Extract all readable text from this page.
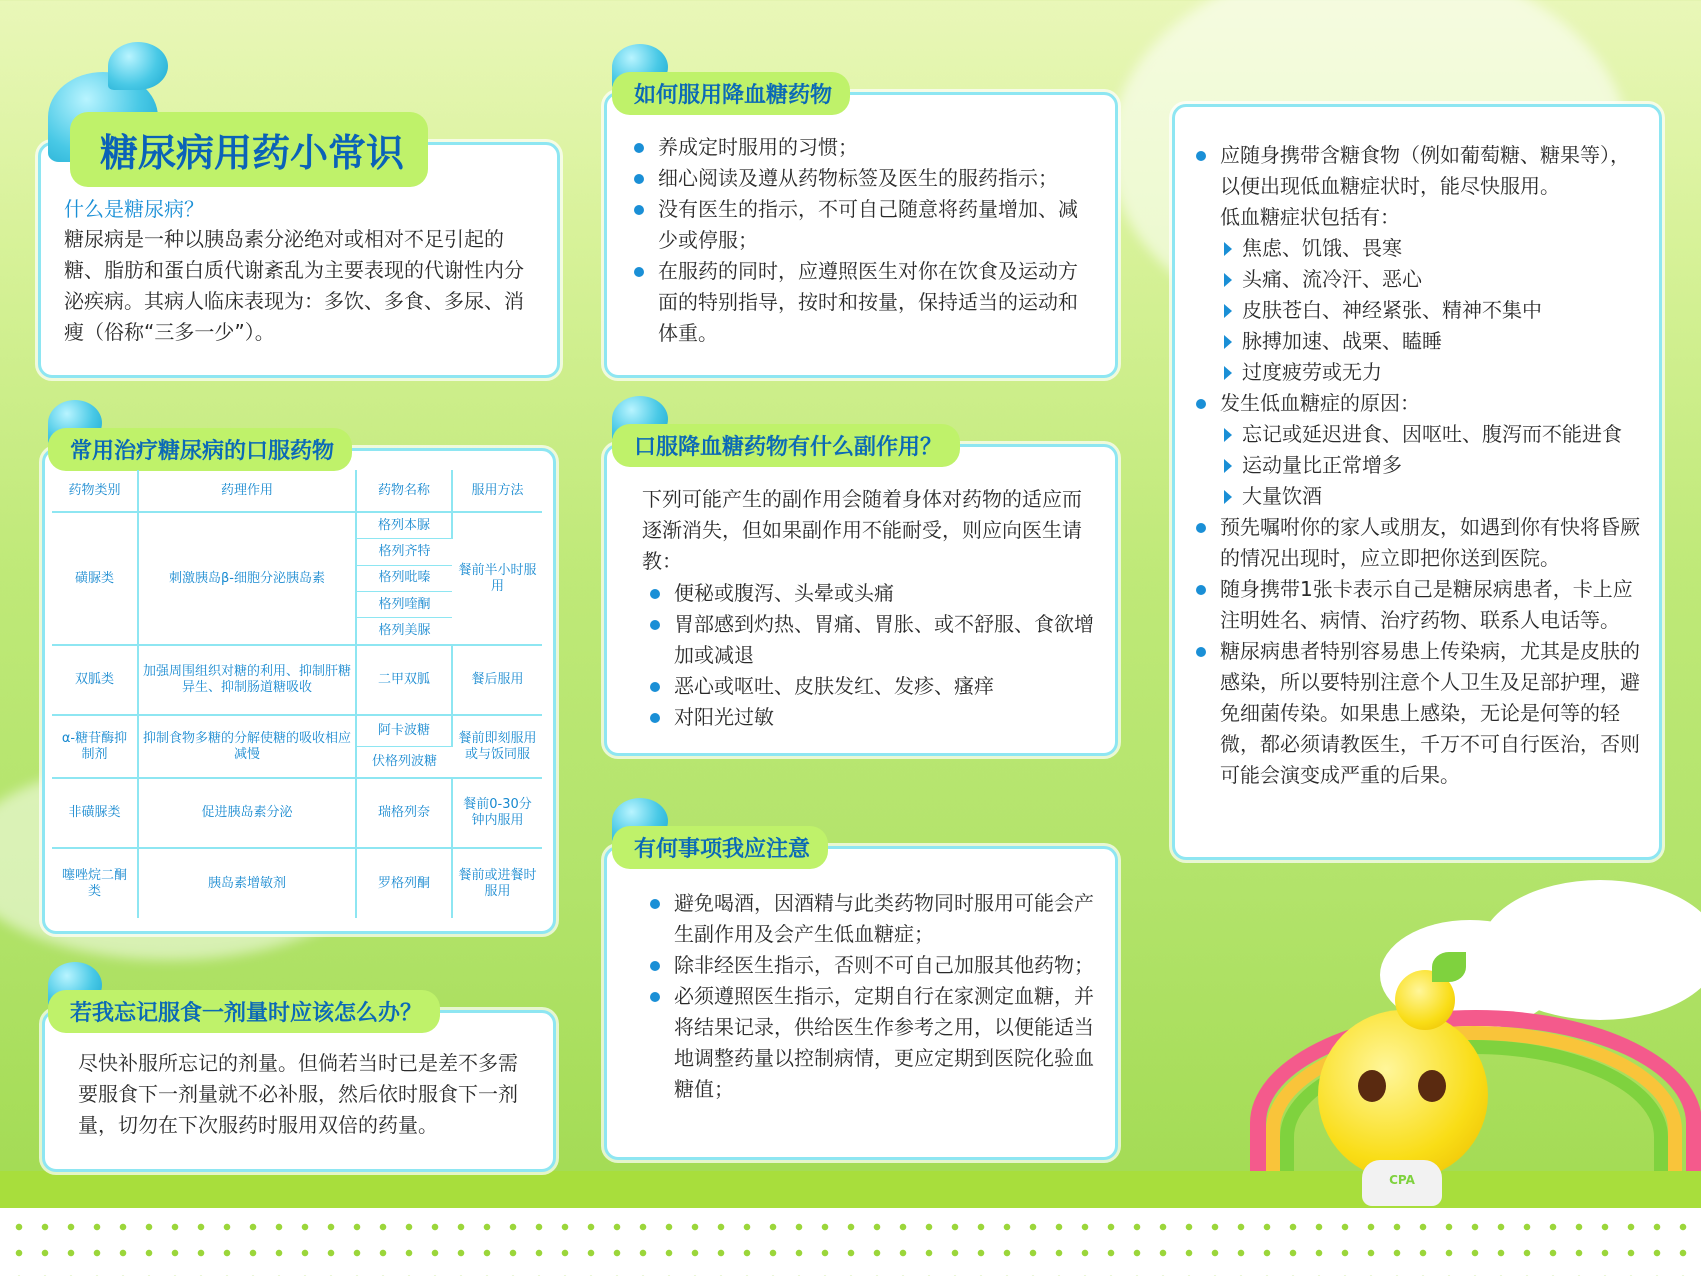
CPA
糖尿病用药小常识
什么是糖尿病？
糖尿病是一种以胰岛素分泌绝对或相对不足引起的糖、脂肪和蛋白质代谢紊乱为主要表现的代谢性内分泌疾病。其病人临床表现为：多饮、多食、多尿、消瘦（俗称“三多一少”）。
常用治疗糖尿病的口服药物
药物类别	药理作用	药物名称	服用方法
磺脲类	刺激胰岛β-细胞分泌胰岛素	格列本脲	餐前半小时服用
		格列齐特	
		格列吡嗪	
		格列喹酮	
		格列美脲	
双胍类	加强周围组织对糖的利用、抑制肝糖异生、抑制肠道糖吸收	二甲双胍	餐后服用
α-糖苷酶抑制剂	抑制食物多糖的分解使糖的吸收相应减慢	阿卡波糖	餐前即刻服用或与饭同服
		伏格列波糖	
非磺脲类	促进胰岛素分泌	瑞格列奈	餐前0-30分钟内服用
噻唑烷二酮类	胰岛素增敏剂	罗格列酮	餐前或进餐时服用
若我忘记服食一剂量时应该怎么办？
尽快补服所忘记的剂量。但倘若当时已是差不多需要服食下一剂量就不必补服，然后依时服食下一剂量，切勿在下次服药时服用双倍的药量。
如何服用降血糖药物
养成定时服用的习惯；
细心阅读及遵从药物标签及医生的服药指示；
没有医生的指示，不可自己随意将药量增加、减少或停服；
在服药的同时，应遵照医生对你在饮食及运动方面的特别指导，按时和按量，保持适当的运动和体重。
口服降血糖药物有什么副作用？
下列可能产生的副作用会随着身体对药物的适应而逐渐消失，但如果副作用不能耐受，则应向医生请教：
便秘或腹泻、头晕或头痛
胃部感到灼热、胃痛、胃胀、或不舒服、食欲增加或减退
恶心或呕吐、皮肤发红、发疹、瘙痒
对阳光过敏
有何事项我应注意
避免喝酒，因酒精与此类药物同时服用可能会产生副作用及会产生低血糖症；
除非经医生指示，否则不可自己加服其他药物；
必须遵照医生指示，定期自行在家测定血糖，并将结果记录，供给医生作参考之用，以便能适当地调整药量以控制病情，更应定期到医院化验血糖值；
应随身携带含糖食物（例如葡萄糖、糖果等），以便出现低血糖症状时，能尽快服用。
低血糖症状包括有：
焦虑、饥饿、畏寒
头痛、流冷汗、恶心
皮肤苍白、神经紧张、精神不集中
脉搏加速、战栗、瞌睡
过度疲劳或无力
发生低血糖症的原因：
忘记或延迟进食、因呕吐、腹泻而不能进食
运动量比正常增多
大量饮酒
预先嘱咐你的家人或朋友，如遇到你有快将昏厥的情况出现时，应立即把你送到医院。
随身携带1张卡表示自己是糖尿病患者，卡上应注明姓名、病情、治疗药物、联系人电话等。
糖尿病患者特别容易患上传染病，尤其是皮肤的感染，所以要特别注意个人卫生及足部护理，避免细菌传染。如果患上感染，无论是何等的轻微，都必须请教医生，千万不可自行医治，否则可能会演变成严重的后果。
